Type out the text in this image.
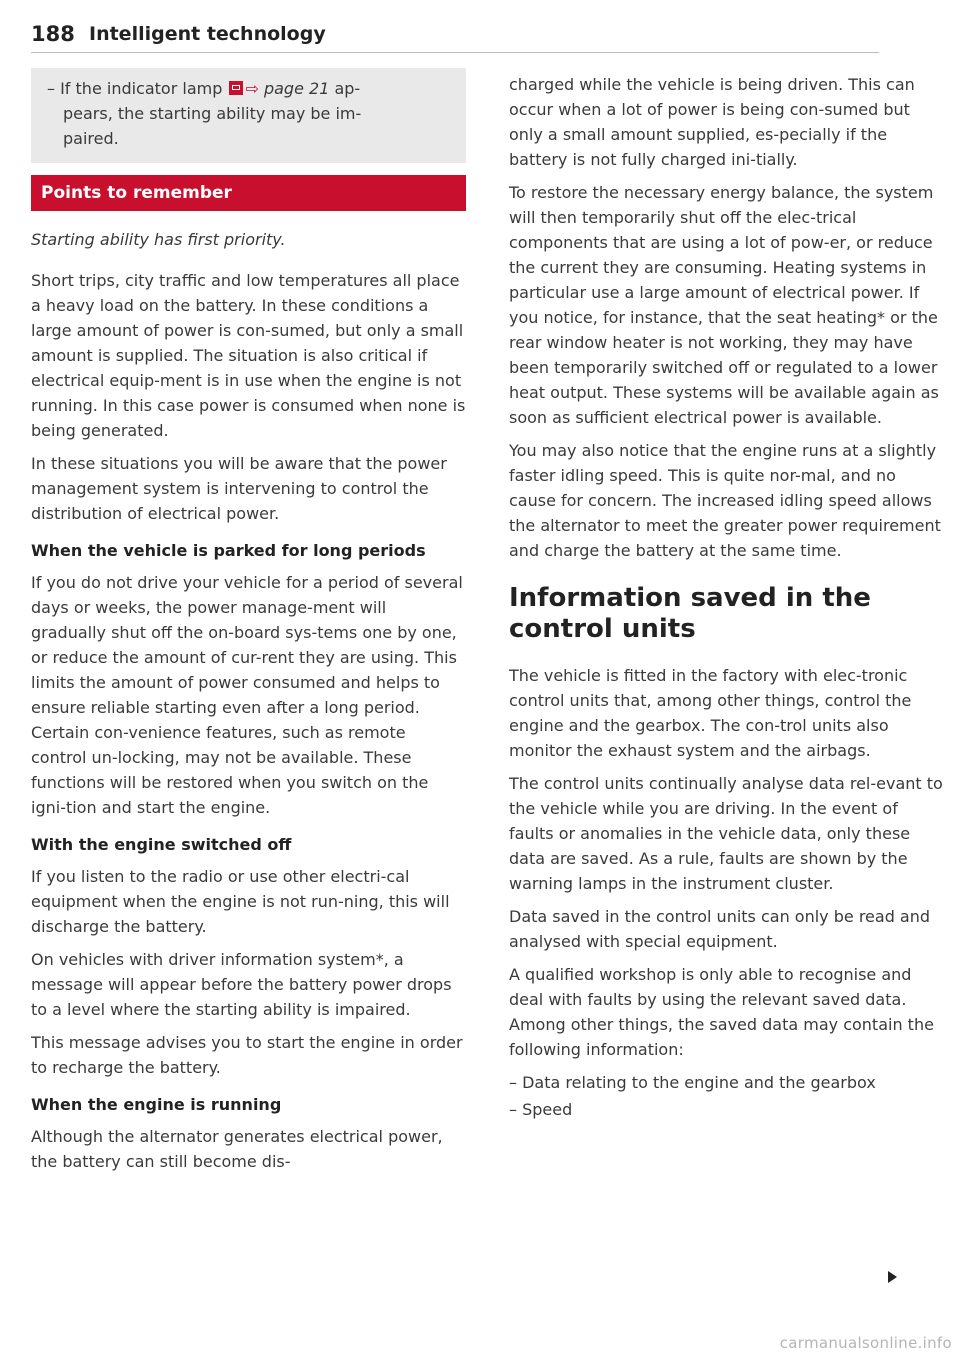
188 Intelligent technology
– If the indicator lamp ⇨ page 21 ap-
pears, the starting ability may be im-
paired.
Points to remember

Starting ability has first priority.

Short trips, city traffic and low temperatures all place a heavy load on the battery. In these conditions a large amount of power is con-sumed, but only a small amount is supplied. The situation is also critical if electrical equip-ment is in use when the engine is not running. In this case power is consumed when none is being generated.

In these situations you will be aware that the power management system is intervening to control the distribution of electrical power.

When the vehicle is parked for long periods

If you do not drive your vehicle for a period of several days or weeks, the power manage-ment will gradually shut off the on-board sys-tems one by one, or reduce the amount of cur-rent they are using. This limits the amount of power consumed and helps to ensure reliable starting even after a long period. Certain con-venience features, such as remote control un-locking, may not be available. These functions will be restored when you switch on the igni-tion and start the engine.

With the engine switched off

If you listen to the radio or use other electri-cal equipment when the engine is not run-ning, this will discharge the battery.

On vehicles with driver information system*, a message will appear before the battery power drops to a level where the starting ability is impaired.

This message advises you to start the engine in order to recharge the battery.

When the engine is running

Although the alternator generates electrical power, the battery can still become dis-

charged while the vehicle is being driven. This can occur when a lot of power is being con-sumed but only a small amount supplied, es-pecially if the battery is not fully charged ini-tially.

To restore the necessary energy balance, the system will then temporarily shut off the elec-trical components that are using a lot of pow-er, or reduce the current they are consuming. Heating systems in particular use a large amount of electrical power. If you notice, for instance, that the seat heating* or the rear window heater is not working, they may have been temporarily switched off or regulated to a lower heat output. These systems will be available again as soon as sufficient electrical power is available.

You may also notice that the engine runs at a slightly faster idling speed. This is quite nor-mal, and no cause for concern. The increased idling speed allows the alternator to meet the greater power requirement and charge the battery at the same time.

Information saved in the control units

The vehicle is fitted in the factory with elec-tronic control units that, among other things, control the engine and the gearbox. The con-trol units also monitor the exhaust system and the airbags.

The control units continually analyse data rel-evant to the vehicle while you are driving. In the event of faults or anomalies in the vehicle data, only these data are saved. As a rule, faults are shown by the warning lamps in the instrument cluster.

Data saved in the control units can only be read and analysed with special equipment.

A qualified workshop is only able to recognise and deal with faults by using the relevant saved data. Among other things, the saved data may contain the following information:

– Data relating to the engine and the gearbox

– Speed

carmanualsonline.info
